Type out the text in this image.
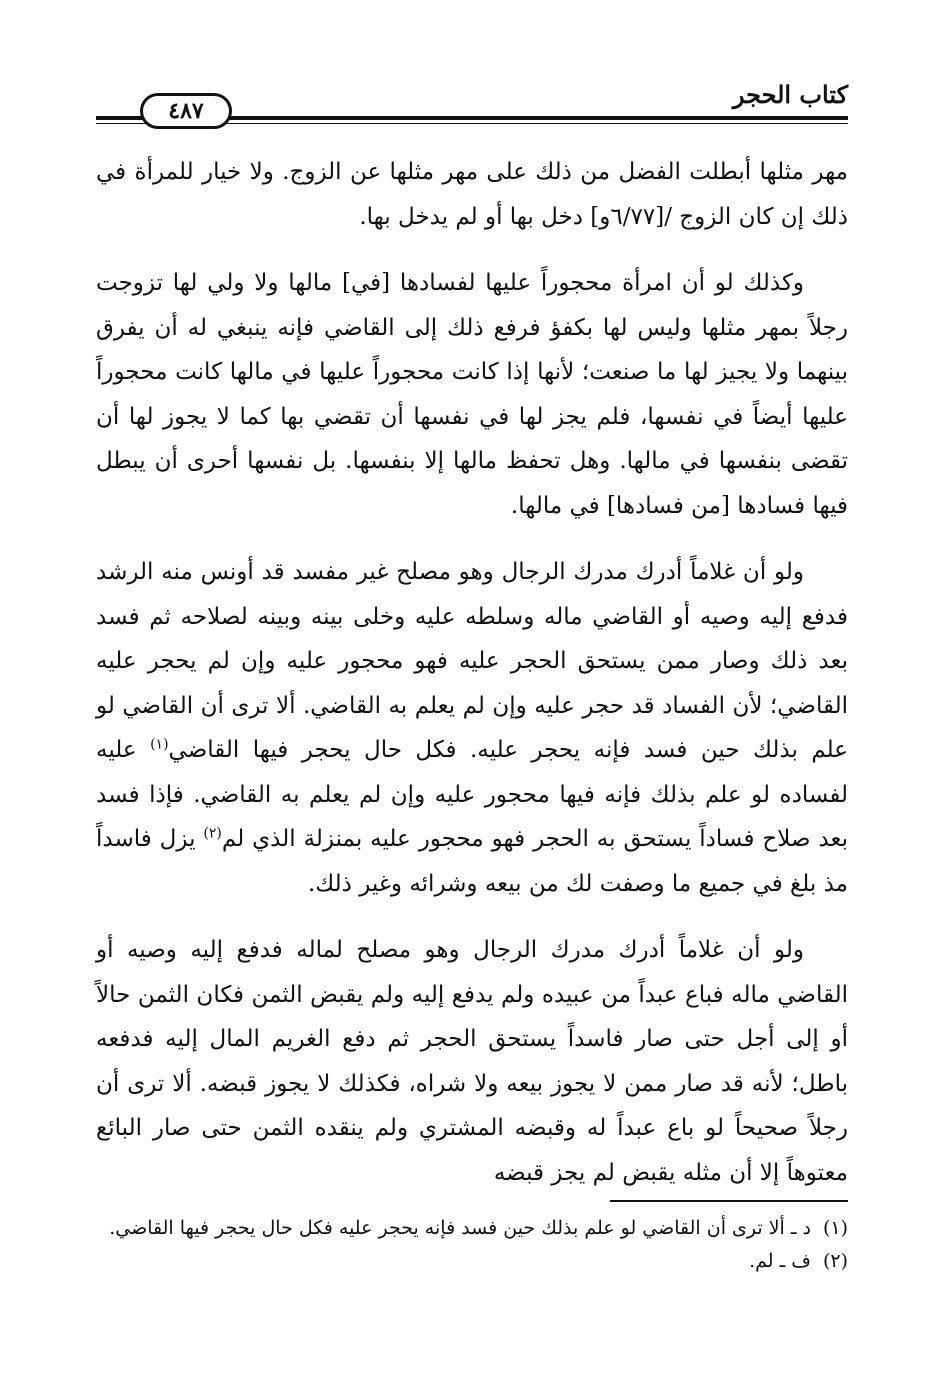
كتاب الحجر
٤٨٧

مهر مثلها أبطلت الفضل من ذلك على مهر مثلها عن الزوج. ولا خيار للمرأة في ذلك إن كان الزوج /[٦/٧٧و] دخل بها أو لم يدخل بها.

وكذلك لو أن امرأة محجوراً عليها لفسادها [في] مالها ولا ولي لها تزوجت رجلاً بمهر مثلها وليس لها بكفؤ فرفع ذلك إلى القاضي فإنه ينبغي له أن يفرق بينهما ولا يجيز لها ما صنعت؛ لأنها إذا كانت محجوراً عليها في مالها كانت محجوراً عليها أيضاً في نفسها، فلم يجز لها في نفسها أن تقضي بها كما لا يجوز لها أن تقضى بنفسها في مالها. وهل تحفظ مالها إلا بنفسها. بل نفسها أحرى أن يبطل فيها فسادها [من فسادها] في مالها.

ولو أن غلاماً أدرك مدرك الرجال وهو مصلح غير مفسد قد أونس منه الرشد فدفع إليه وصيه أو القاضي ماله وسلطه عليه وخلى بينه وبينه لصلاحه ثم فسد بعد ذلك وصار ممن يستحق الحجر عليه فهو محجور عليه وإن لم يحجر عليه القاضي؛ لأن الفساد قد حجر عليه وإن لم يعلم به القاضي. ألا ترى أن القاضي لو علم بذلك حين فسد فإنه يحجر عليه. فكل حال يحجر فيها القاضي$^{(١)}$ عليه لفساده لو علم بذلك فإنه فيها محجور عليه وإن لم يعلم به القاضي. فإذا فسد بعد صلاح فساداً يستحق به الحجر فهو محجور عليه بمنزلة الذي لم$^{(٢)}$ يزل فاسداً مذ بلغ في جميع ما وصفت لك من بيعه وشرائه وغير ذلك.

ولو أن غلاماً أدرك مدرك الرجال وهو مصلح لماله فدفع إليه وصيه أو القاضي ماله فباع عبداً من عبيده ولم يدفع إليه ولم يقبض الثمن فكان الثمن حالاً أو إلى أجل حتى صار فاسداً يستحق الحجر ثم دفع الغريم المال إليه فدفعه باطل؛ لأنه قد صار ممن لا يجوز بيعه ولا شراه، فكذلك لا يجوز قبضه. ألا ترى أن رجلاً صحيحاً لو باع عبداً له وقبضه المشتري ولم ينقده الثمن حتى صار البائع معتوهاً إلا أن مثله يقبض لم يجز قبضه

(١)
د ـ ألا ترى أن القاضي لو علم بذلك حين فسد فإنه يحجر عليه فكل حال يحجر فيها القاضي.
(٢)
ف ـ لم.
